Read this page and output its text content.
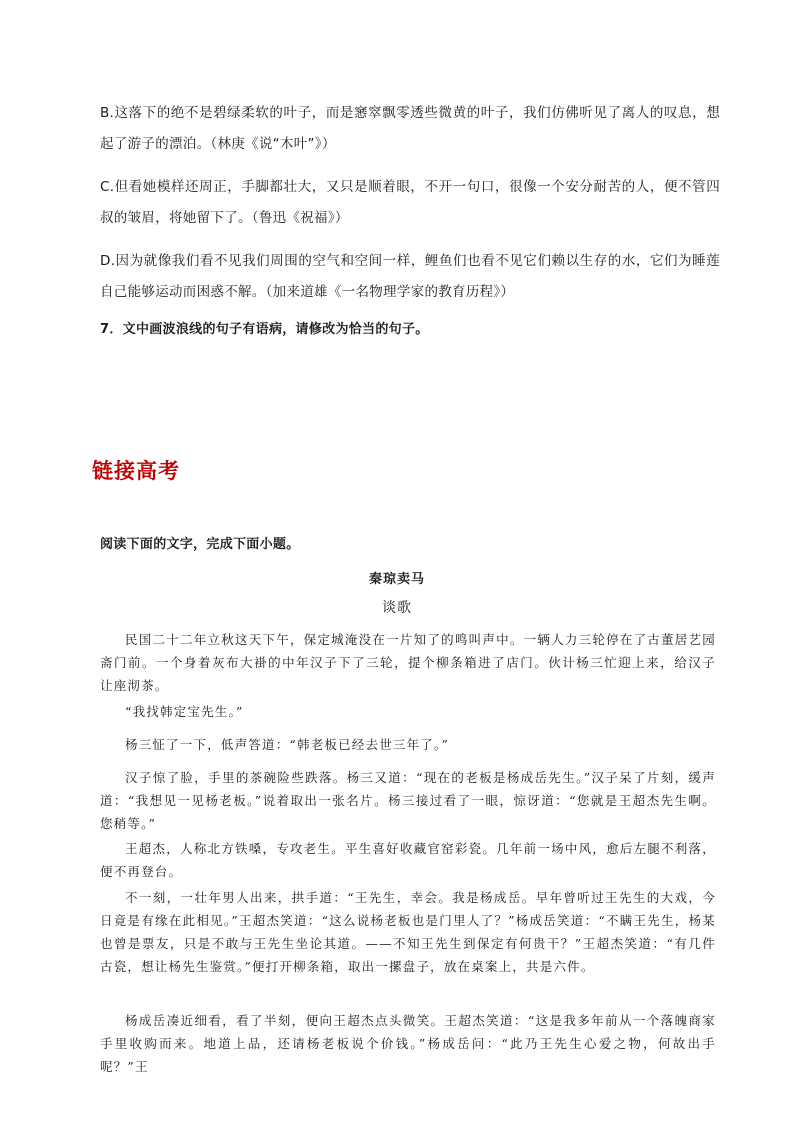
B.这落下的绝不是碧绿柔软的叶子，而是窸窣飘零透些微黄的叶子，我们仿佛听见了离人的叹息，想起了游子的漂泊。（林庚《说“木叶”》）
C.但看她模样还周正，手脚都壮大，又只是顺着眼，不开一句口，很像一个安分耐苦的人，便不管四叔的皱眉，将她留下了。（鲁迅《祝福》）
D.因为就像我们看不见我们周围的空气和空间一样，鲤鱼们也看不见它们赖以生存的水，它们为睡莲自己能够运动而困惑不解。（加来道雄《一名物理学家的教育历程》）
7．文中画波浪线的句子有语病，请修改为恰当的句子。
链接高考
阅读下面的文字，完成下面小题。
秦琼卖马
谈歌
民国二十二年立秋这天下午，保定城淹没在一片知了的鸣叫声中。一辆人力三轮停在了古董居艺园斋门前。一个身着灰布大褂的中年汉子下了三轮，提个柳条箱进了店门。伙计杨三忙迎上来，给汉子让座沏茶。
“我找韩定宝先生。”
杨三怔了一下，低声答道：“韩老板已经去世三年了。”
汉子惊了脸，手里的茶碗险些跌落。杨三又道：“现在的老板是杨成岳先生。”汉子呆了片刻，缓声道：“我想见一见杨老板。”说着取出一张名片。杨三接过看了一眼，惊讶道：“您就是王超杰先生啊。您稍等。”
王超杰，人称北方铁嗓，专攻老生。平生喜好收藏官窑彩瓷。几年前一场中风，愈后左腿不利落，便不再登台。
不一刻，一壮年男人出来，拱手道：“王先生，幸会。我是杨成岳。早年曾听过王先生的大戏，今日竟是有缘在此相见。”王超杰笑道：“这么说杨老板也是门里人了？”杨成岳笑道：“不瞒王先生，杨某也曾是票友，只是不敢与王先生坐论其道。——不知王先生到保定有何贵干？”王超杰笑道：“有几件古瓷，想让杨先生鉴赏。”便打开柳条箱，取出一摞盘子，放在桌案上，共是六件。
杨成岳凑近细看，看了半刻，便向王超杰点头微笑。王超杰笑道：“这是我多年前从一个落魄商家手里收购而来。地道上品，还请杨老板说个价钱。”杨成岳问：“此乃王先生心爱之物，何故出手呢？”王
